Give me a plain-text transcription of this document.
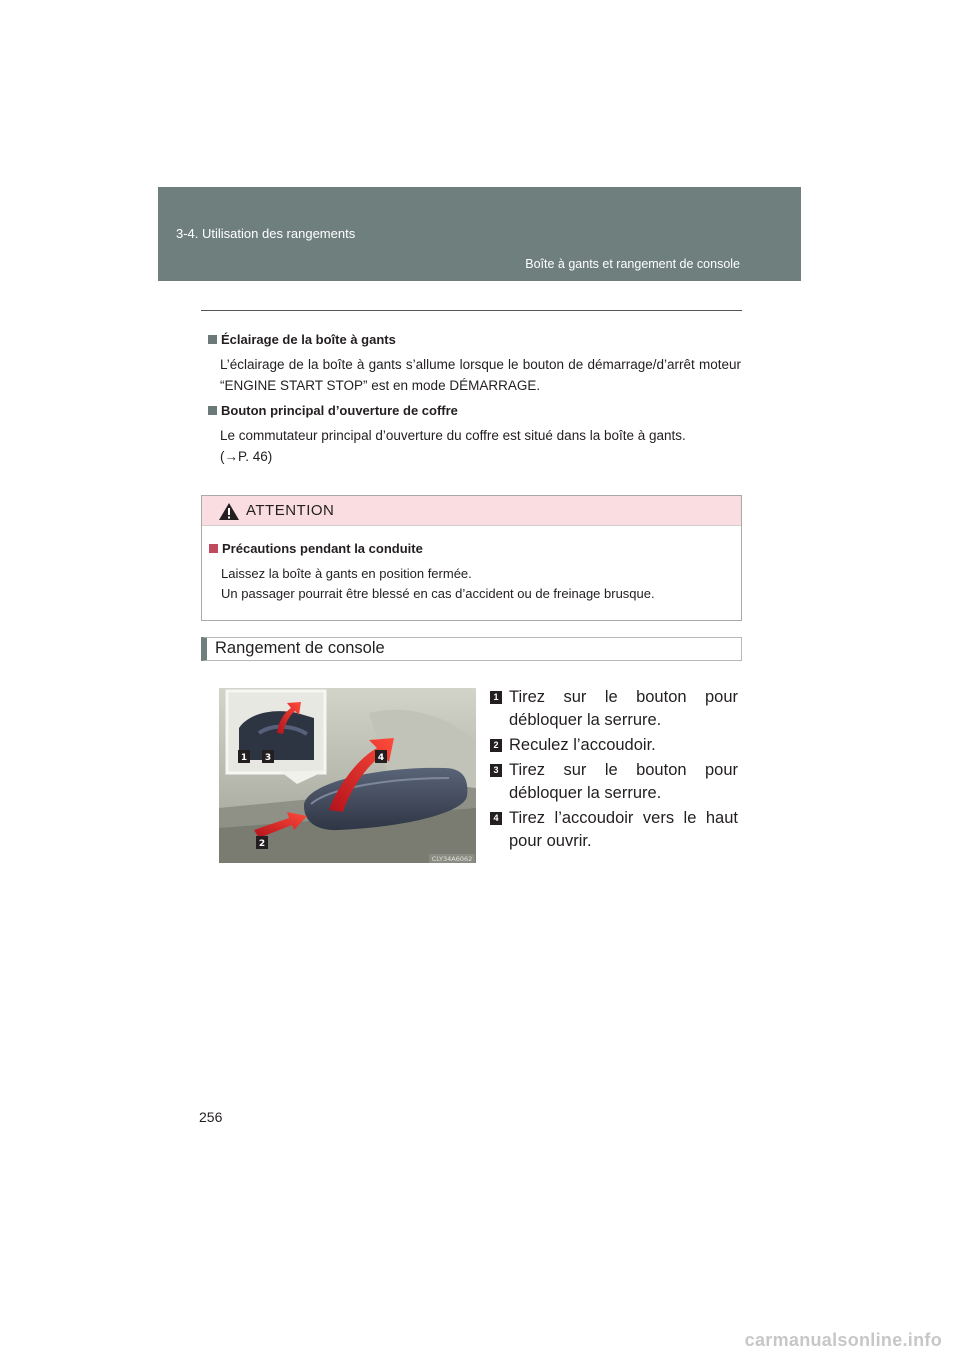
3-4. Utilisation des rangements
Boîte à gants et rangement de console
Éclairage de la boîte à gants
L’éclairage de la boîte à gants s’allume lorsque le bouton de démarrage/d’arrêt moteur “ENGINE START STOP” est en mode DÉMARRAGE.
Bouton principal d’ouverture de coffre
Le commutateur principal d’ouverture du coffre est situé dans la boîte à gants.
(→P. 46)
ATTENTION
Précautions pendant la conduite
Laissez la boîte à gants en position fermée.
Un passager pourrait être blessé en cas d’accident ou de freinage brusque.
Rangement de console
1 3	4
2
CLY34A6062
1 Tirez sur le bouton pour débloquer la serrure.
2 Reculez l’accoudoir.
3 Tirez sur le bouton pour débloquer la serrure.
4 Tirez l’accoudoir vers le haut pour ouvrir.
256
carmanualsonline.info
